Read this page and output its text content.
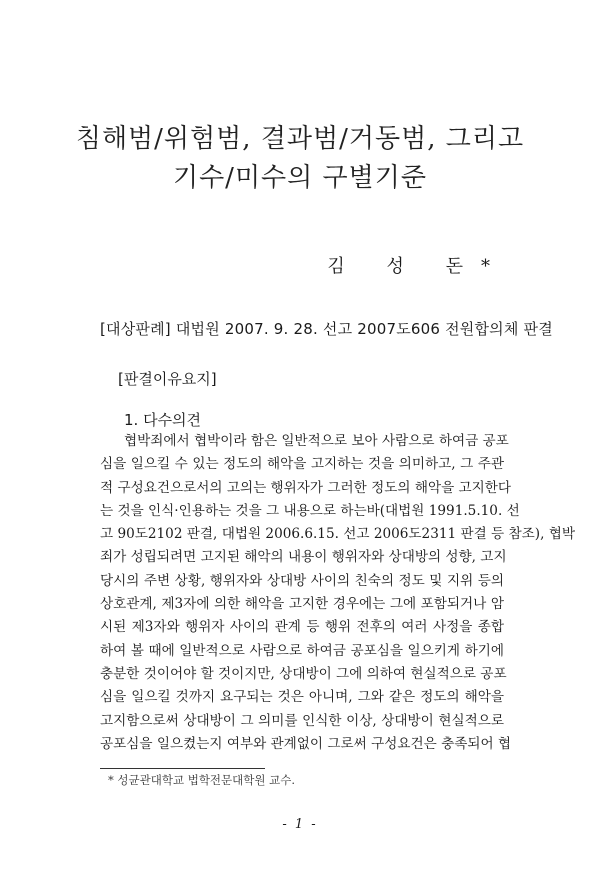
침해범/위험범, 결과범/거동범, 그리고
기수/미수의 구별기준
김 성 돈*
[대상판례] 대법원 2007. 9. 28. 선고 2007도606 전원합의체 판결
[판결이유요지]
1. 다수의견
협박죄에서 협박이라 함은 일반적으로 보아 사람으로 하여금 공포
심을 일으킬 수 있는 정도의 해악을 고지하는 것을 의미하고, 그 주관
적 구성요건으로서의 고의는 행위자가 그러한 정도의 해악을 고지한다
는 것을 인식·인용하는 것을 그 내용으로 하는바(대법원 1991.5.10. 선
고 90도2102 판결, 대법원 2006.6.15. 선고 2006도2311 판결 등 참조), 협박
죄가 성립되려면 고지된 해악의 내용이 행위자와 상대방의 성향, 고지
당시의 주변 상황, 행위자와 상대방 사이의 친숙의 정도 및 지위 등의
상호관계, 제3자에 의한 해악을 고지한 경우에는 그에 포함되거나 암
시된 제3자와 행위자 사이의 관계 등 행위 전후의 여러 사정을 종합
하여 볼 때에 일반적으로 사람으로 하여금 공포심을 일으키게 하기에
충분한 것이어야 할 것이지만, 상대방이 그에 의하여 현실적으로 공포
심을 일으킬 것까지 요구되는 것은 아니며, 그와 같은 정도의 해악을
고지함으로써 상대방이 그 의미를 인식한 이상, 상대방이 현실적으로
공포심을 일으켰는지 여부와 관계없이 그로써 구성요건은 충족되어 협
* 성균관대학교 법학전문대학원 교수.
- 1 -
